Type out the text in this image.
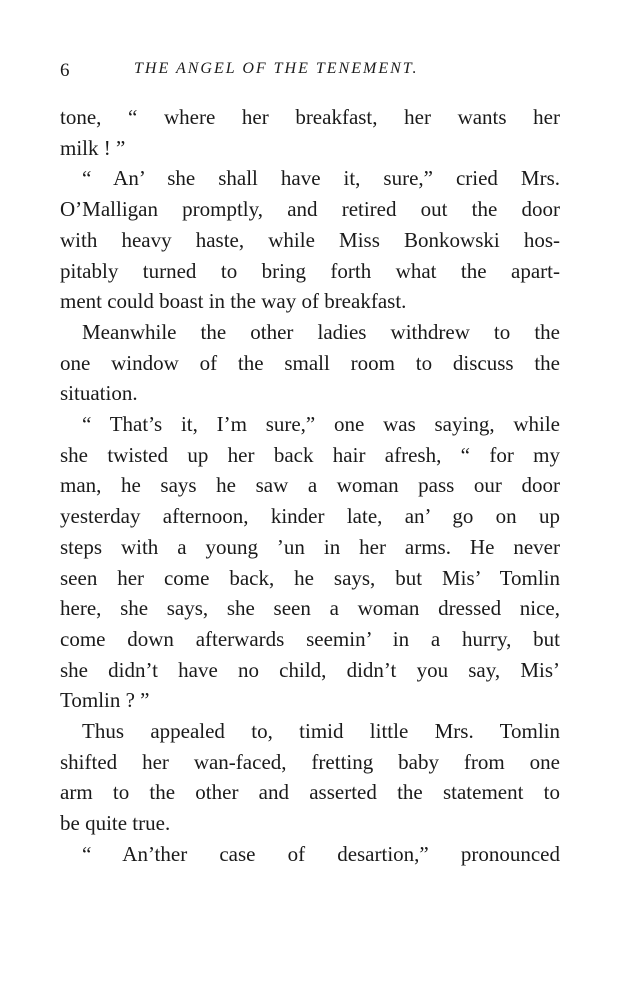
6	THE ANGEL OF THE TENEMENT.
tone, “ where her breakfast, her wants her
milk ! ”
“ An’ she shall have it, sure,” cried Mrs.
O’Malligan promptly, and retired out the door
with heavy haste, while Miss Bonkowski hos-
pitably turned to bring forth what the apart-
ment could boast in the way of breakfast.
Meanwhile the other ladies withdrew to the
one window of the small room to discuss the
situation.
“ That’s it, I’m sure,” one was saying, while
she twisted up her back hair afresh, “ for my
man, he says he saw a woman pass our door
yesterday afternoon, kinder late, an’ go on up
steps with a young ’un in her arms. He never
seen her come back, he says, but Mis’ Tomlin
here, she says, she seen a woman dressed nice,
come down afterwards seemin’ in a hurry, but
she didn’t have no child, didn’t you say, Mis’
Tomlin ? ”
Thus appealed to, timid little Mrs. Tomlin
shifted her wan-faced, fretting baby from one
arm to the other and asserted the statement to
be quite true.
“ An’ther case of desartion,” pronounced
